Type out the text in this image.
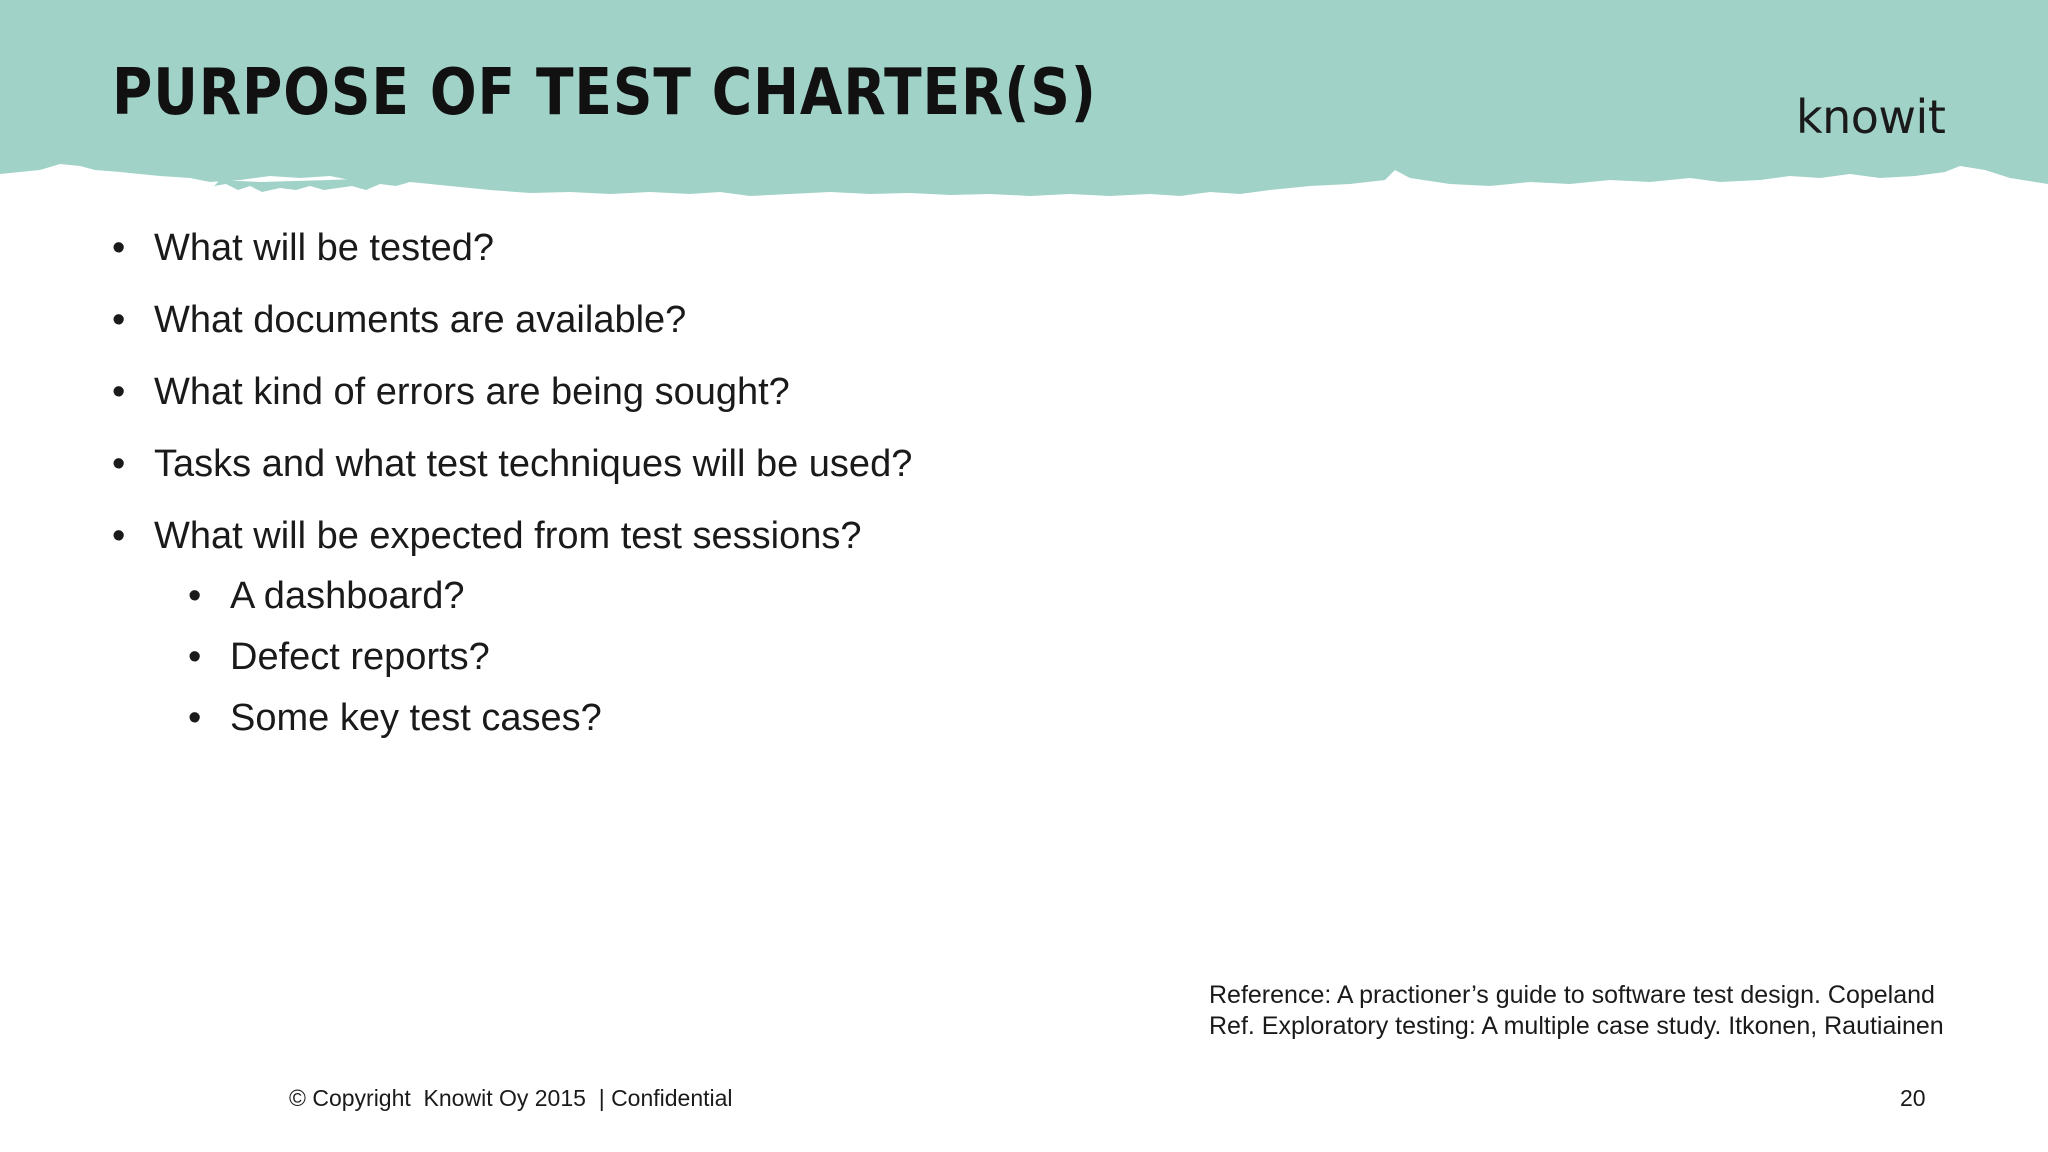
PURPOSE OF TEST CHARTER(S)	knowit
• What will be tested?
• What documents are available?
• What kind of errors are being sought?
• Tasks and what test techniques will be used?
• What will be expected from test sessions?
• A dashboard?
• Defect reports?
• Some key test cases?
Reference: A practioner’s guide to software test design. Copeland
Ref. Exploratory testing: A multiple case study. Itkonen, Rautiainen
© Copyright  Knowit Oy 2015  | Confidential	20
